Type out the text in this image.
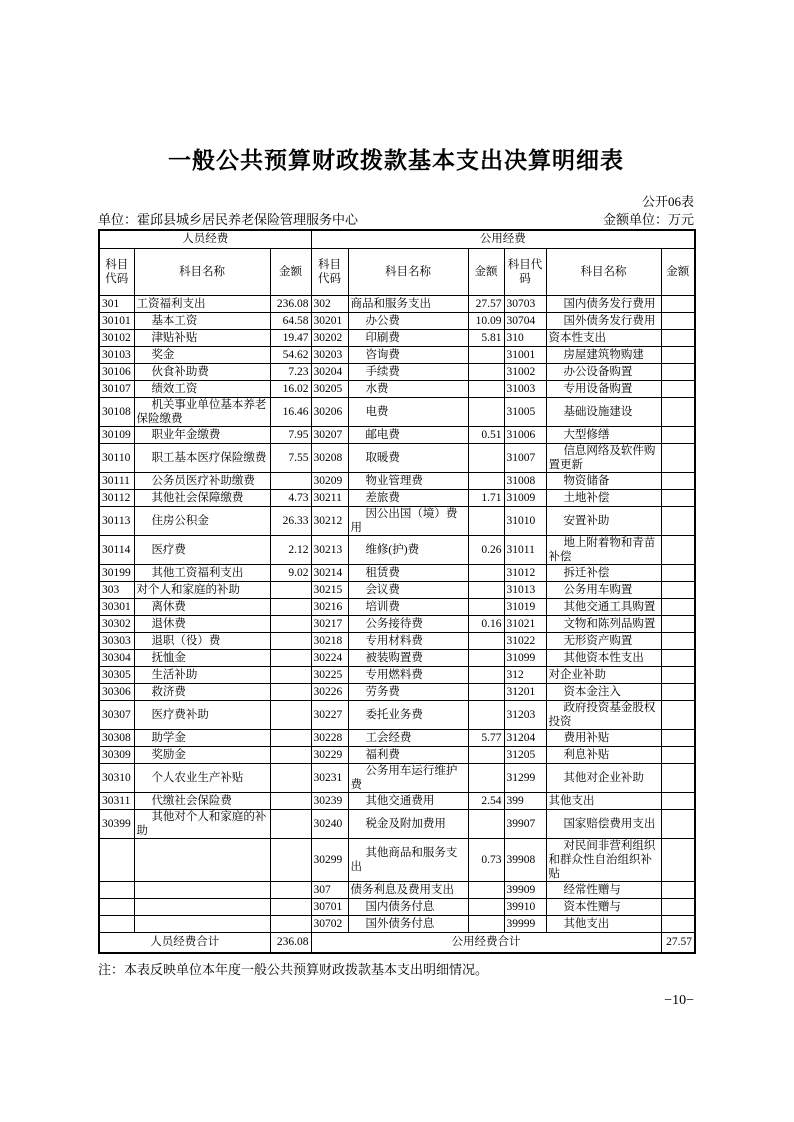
一般公共预算财政拨款基本支出决算明细表
公开06表
单位：霍邱县城乡居民养老保险管理服务中心	金额单位：万元
人员经费			公用经费					
科目代码	科目名称	金额	科目代码	科目名称	金额	科目代码	科目名称	金额
301	工资福利支出	236.08	302	商品和服务支出	27.57	30703	国内债务发行费用	
30101	基本工资	64.58	30201	办公费	10.09	30704	国外债务发行费用	
30102	津贴补贴	19.47	30202	印刷费	5.81	310	资本性支出	
30103	奖金	54.62	30203	咨询费		31001	房屋建筑物购建	
30106	伙食补助费	7.23	30204	手续费		31002	办公设备购置	
30107	绩效工资	16.02	30205	水费		31003	专用设备购置	
30108	机关事业单位基本养老保险缴费	16.46	30206	电费		31005	基础设施建设	
30109	职业年金缴费	7.95	30207	邮电费	0.51	31006	大型修缮	
30110	职工基本医疗保险缴费	7.55	30208	取暖费		31007	信息网络及软件购置更新	
30111	公务员医疗补助缴费		30209	物业管理费		31008	物资储备	
30112	其他社会保障缴费	4.73	30211	差旅费	1.71	31009	土地补偿	
30113	住房公积金	26.33	30212	因公出国（境）费用		31010	安置补助	
30114	医疗费	2.12	30213	维修(护)费	0.26	31011	地上附着物和青苗补偿	
30199	其他工资福利支出	9.02	30214	租赁费		31012	拆迁补偿	
303	对个人和家庭的补助		30215	会议费		31013	公务用车购置	
30301	离休费		30216	培训费		31019	其他交通工具购置	
30302	退休费		30217	公务接待费	0.16	31021	文物和陈列品购置	
30303	退职（役）费		30218	专用材料费		31022	无形资产购置	
30304	抚恤金		30224	被装购置费		31099	其他资本性支出	
30305	生活补助		30225	专用燃料费		312	对企业补助	
30306	救济费		30226	劳务费		31201	资本金注入	
30307	医疗费补助		30227	委托业务费		31203	政府投资基金股权投资	
30308	助学金		30228	工会经费	5.77	31204	费用补贴	
30309	奖励金		30229	福利费		31205	利息补贴	
30310	个人农业生产补贴		30231	公务用车运行维护费		31299	其他对企业补助	
30311	代缴社会保险费		30239	其他交通费用	2.54	399	其他支出	
30399	其他对个人和家庭的补助		30240	税金及附加费用		39907	国家赔偿费用支出	
			30299	其他商品和服务支出	0.73	39908	对民间非营利组织和群众性自治组织补贴	
			307	债务利息及费用支出		39909	经常性赠与	
			30701	国内债务付息		39910	资本性赠与	
			30702	国外债务付息		39999	其他支出	
人员经费合计		236.08	公用经费合计					27.57
注：本表反映单位本年度一般公共预算财政拨款基本支出明细情况。
−10−
